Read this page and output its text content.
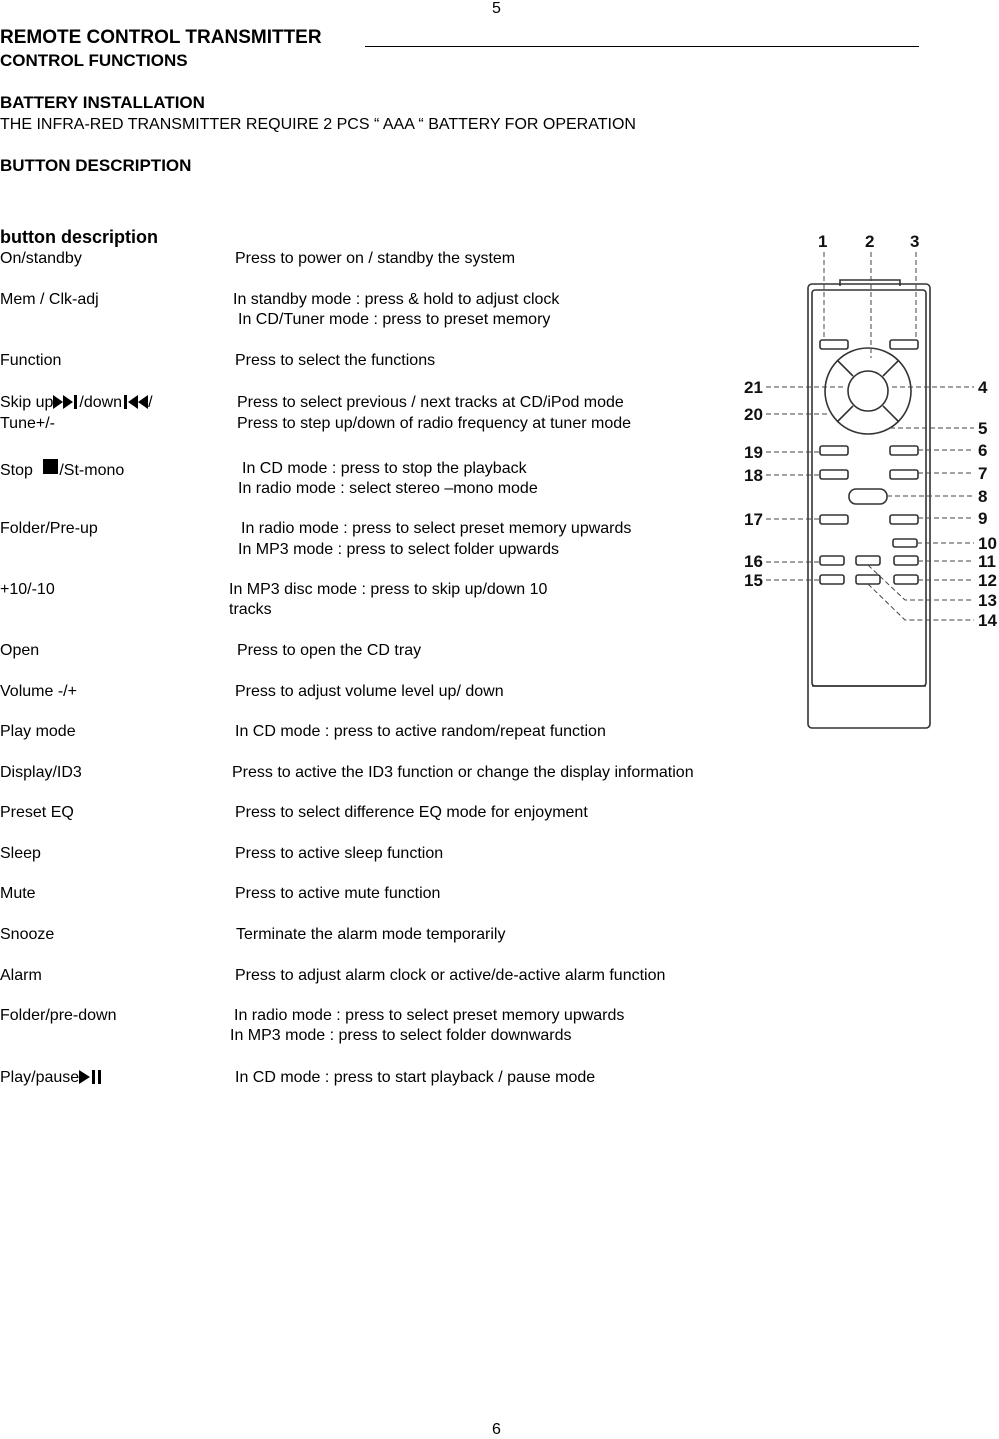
5
REMOTE CONTROL TRANSMITTER
CONTROL FUNCTIONS
BATTERY INSTALLATION
THE INFRA-RED TRANSMITTER REQUIRE 2 PCS “ AAA “ BATTERY FOR OPERATION
BUTTON DESCRIPTION
button description
On/standby	Press to power on / standby the system
Mem / Clk-adj	In standby mode : press & hold to adjust clock
In CD/Tuner mode : press to preset memory
Function	Press to select the functions
Skip up /down /	Press to select previous / next tracks at CD/iPod mode
Tune+/-	Press to step up/down of radio frequency at tuner mode
Stop /St-mono	In CD mode : press to stop the playback
In radio mode : select stereo –mono mode
Folder/Pre-up	In radio mode : press to select preset memory upwards
In MP3 mode : press to select folder upwards
+10/-10	In MP3 disc mode : press to skip up/down 10
tracks
Open	Press to open the CD tray
Volume -/+	Press to adjust volume level up/ down
Play mode	In CD mode : press to active random/repeat function
Display/ID3	Press to active the ID3 function or change the display information
Preset EQ	Press to select difference EQ mode for enjoyment
Sleep	Press to active sleep function
Mute	Press to active mute function
Snooze	Terminate the alarm mode temporarily
Alarm	Press to adjust alarm clock or active/de-active alarm function
Folder/pre-down	In radio mode : press to select preset memory upwards
In MP3 mode : press to select folder downwards
Play/pause	In CD mode : press to start playback / pause mode
1 2 3
4
5
6
7
8
9
10
11
12
13
14
15
16
17
18
19
20
21
6
